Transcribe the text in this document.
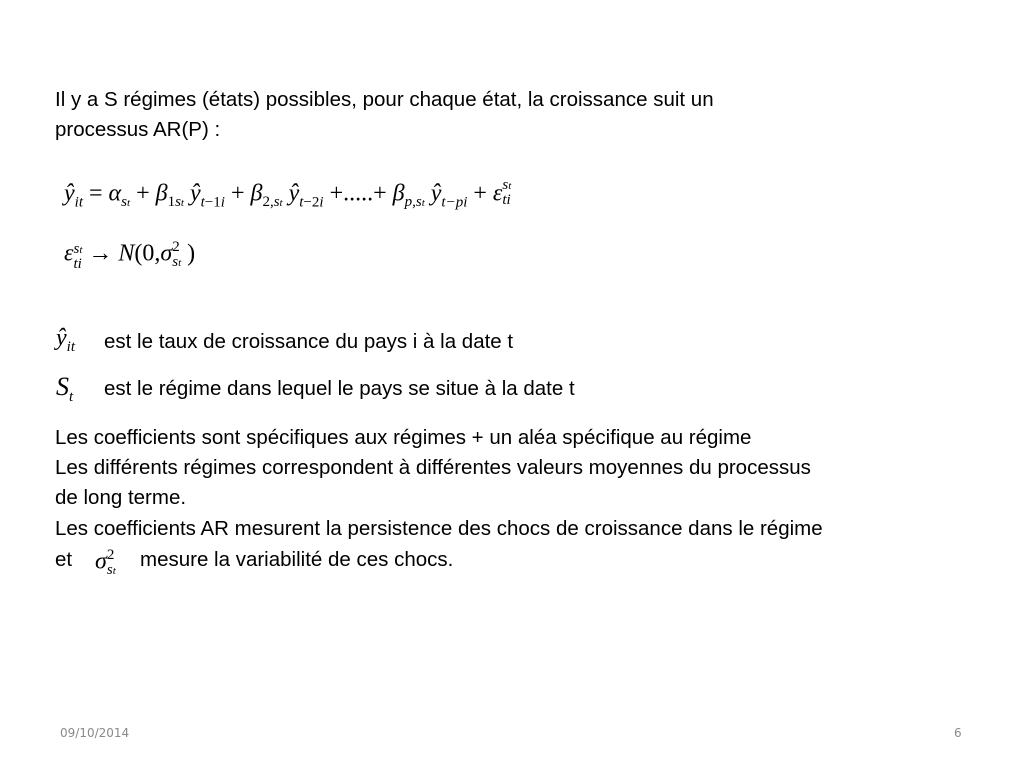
Il y a S régimes (états) possibles, pour chaque état, la croissance suit un
processus AR(P) :
$ŷ_{it} = \alpha_{st} + \beta_{1st}$ $ŷ_{t-1i} + \beta_{2,st}$ $ŷ_{t-2i}$ +.....+ $\beta_{p,st}$ $ŷ_{t-pi} + \varepsilon$ st
ti
ε st
ti → N(0,σ 2
st )
$ŷ_{it}$ est le taux de croissance du pays i à la date t
$S_t$ est le régime dans lequel le pays se situe à la date t
Les coefficients sont spécifiques aux régimes + un aléa spécifique au régime
Les différents régimes correspondent à différentes valeurs moyennes du processus
de long terme.
Les coefficients AR mesurent la persistence des chocs de croissance dans le régime
et σ 2
st mesure la variabilité de ces chocs.
09/10/2014	6
